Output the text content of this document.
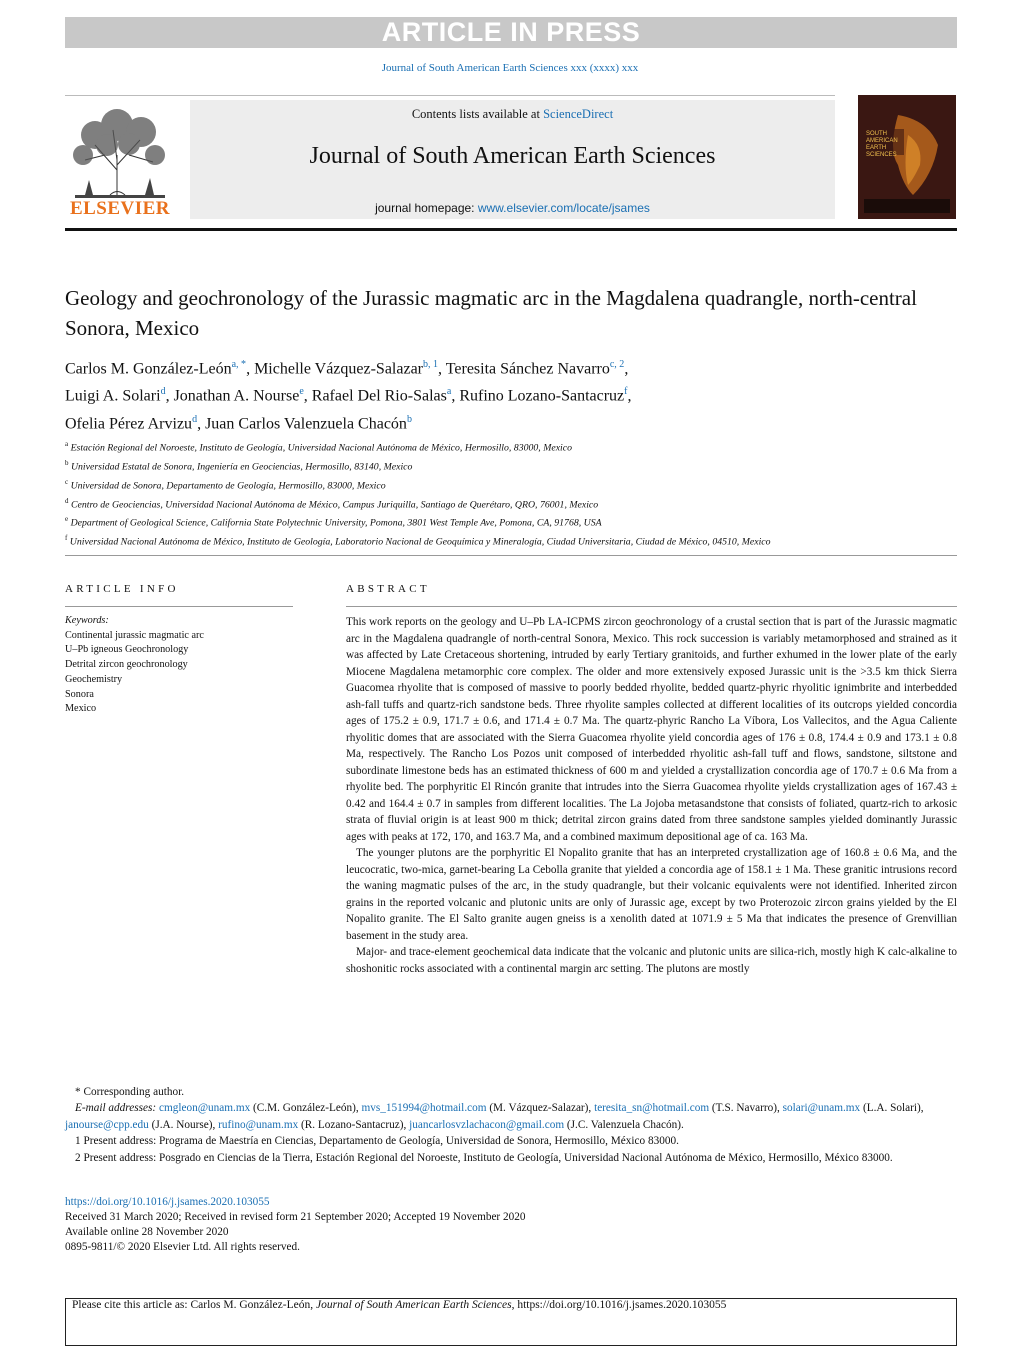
ARTICLE IN PRESS
Journal of South American Earth Sciences xxx (xxxx) xxx
Contents lists available at ScienceDirect
Journal of South American Earth Sciences
journal homepage: www.elsevier.com/locate/jsames
ELSEVIER
SOUTH
AMERICAN
EARTH
SCIENCES
Geology and geochronology of the Jurassic magmatic arc in the Magdalena quadrangle, north-central Sonora, Mexico
Carlos M. González-León$^{a, *}$, Michelle Vázquez-Salazar$^{b, 1}$, Teresita Sánchez Navarro$^{c, 2}$,
Luigi A. Solari$^d$, Jonathan A. Nourse$^e$, Rafael Del Rio-Salas$^a$, Rufino Lozano-Santacruz$^f$,
Ofelia Pérez Arvizu$^d$, Juan Carlos Valenzuela Chacón$^b$
$^a$ Estación Regional del Noroeste, Instituto de Geología, Universidad Nacional Autónoma de México, Hermosillo, 83000, Mexico
$^b$ Universidad Estatal de Sonora, Ingeniería en Geociencias, Hermosillo, 83140, Mexico
$^c$ Universidad de Sonora, Departamento de Geología, Hermosillo, 83000, Mexico
$^d$ Centro de Geociencias, Universidad Nacional Autónoma de México, Campus Juriquilla, Santiago de Querétaro, QRO, 76001, Mexico
$^e$ Department of Geological Science, California State Polytechnic University, Pomona, 3801 West Temple Ave, Pomona, CA, 91768, USA
$^f$ Universidad Nacional Autónoma de México, Instituto de Geología, Laboratorio Nacional de Geoquímica y Mineralogía, Ciudad Universitaria, Ciudad de México, 04510, Mexico
ARTICLE INFO	ABSTRACT
Keywords:
Continental jurassic magmatic arc
U–Pb igneous Geochronology
Detrital zircon geochronology
Geochemistry
Sonora
Mexico

This work reports on the geology and U–Pb LA-ICPMS zircon geochronology of a crustal section that is part of the Jurassic magmatic arc in the Magdalena quadrangle of north-central Sonora, Mexico. This rock succession is variably metamorphosed and strained as it was affected by Late Cretaceous shortening, intruded by early Tertiary granitoids, and further exhumed in the lower plate of the early Miocene Magdalena metamorphic core complex. The older and more extensively exposed Jurassic unit is the >3.5 km thick Sierra Guacomea rhyolite that is composed of massive to poorly bedded rhyolite, bedded quartz-phyric rhyolitic ignimbrite and interbedded ash-fall tuffs and quartz-rich sandstone beds. Three rhyolite samples collected at different localities of its outcrops yielded concordia ages of 175.2 ± 0.9, 171.7 ± 0.6, and 171.4 ± 0.7 Ma. The quartz-phyric Rancho La Víbora, Los Vallecitos, and the Agua Caliente rhyolitic domes that are associated with the Sierra Guacomea rhyolite yield concordia ages of 176 ± 0.8, 174.4 ± 0.9 and 173.1 ± 0.8 Ma, respectively. The Rancho Los Pozos unit composed of interbedded rhyolitic ash-fall tuff and flows, sandstone, siltstone and subordinate limestone beds has an estimated thickness of 600 m and yielded a crystallization concordia age of 170.7 ± 0.6 Ma from a rhyolite bed. The porphyritic El Rincón granite that intrudes into the Sierra Guacomea rhyolite yields crystallization ages of 167.43 ± 0.42 and 164.4 ± 0.7 in samples from different localities. The La Jojoba metasandstone that consists of foliated, quartz-rich to arkosic strata of fluvial origin is at least 900 m thick; detrital zircon grains dated from three sandstone samples yielded dominantly Jurassic ages with peaks at 172, 170, and 163.7 Ma, and a combined maximum depositional age of ca. 163 Ma.

The younger plutons are the porphyritic El Nopalito granite that has an interpreted crystallization age of 160.8 ± 0.6 Ma, and the leucocratic, two-mica, garnet-bearing La Cebolla granite that yielded a concordia age of 158.1 ± 1 Ma. These granitic intrusions record the waning magmatic pulses of the arc, in the study quadrangle, but their volcanic equivalents were not identified. Inherited zircon grains in the reported volcanic and plutonic units are only of Jurassic age, except by two Proterozoic zircon grains yielded by the El Nopalito granite. The El Salto granite augen gneiss is a xenolith dated at 1071.9 ± 5 Ma that indicates the presence of Grenvillian basement in the study area.

Major- and trace-element geochemical data indicate that the volcanic and plutonic units are silica-rich, mostly high K calc-alkaline to shoshonitic rocks associated with a continental margin arc setting. The plutons are mostly

* Corresponding author.

E-mail addresses: cmgleon@unam.mx (C.M. González-León), mvs_151994@hotmail.com (M. Vázquez-Salazar), teresita_sn@hotmail.com (T.S. Navarro), solari@unam.mx (L.A. Solari), janourse@cpp.edu (J.A. Nourse), rufino@unam.mx (R. Lozano-Santacruz), juancarlosvzlachacon@gmail.com (J.C. Valenzuela Chacón).

1 Present address: Programa de Maestría en Ciencias, Departamento de Geología, Universidad de Sonora, Hermosillo, México 83000.

2 Present address: Posgrado en Ciencias de la Tierra, Estación Regional del Noroeste, Instituto de Geología, Universidad Nacional Autónoma de México, Hermosillo, México 83000.

https://doi.org/10.1016/j.jsames.2020.103055
Received 31 March 2020; Received in revised form 21 September 2020; Accepted 19 November 2020
Available online 28 November 2020
0895-9811/© 2020 Elsevier Ltd. All rights reserved.
Please cite this article as: Carlos M. González-León, Journal of South American Earth Sciences, https://doi.org/10.1016/j.jsames.2020.103055
